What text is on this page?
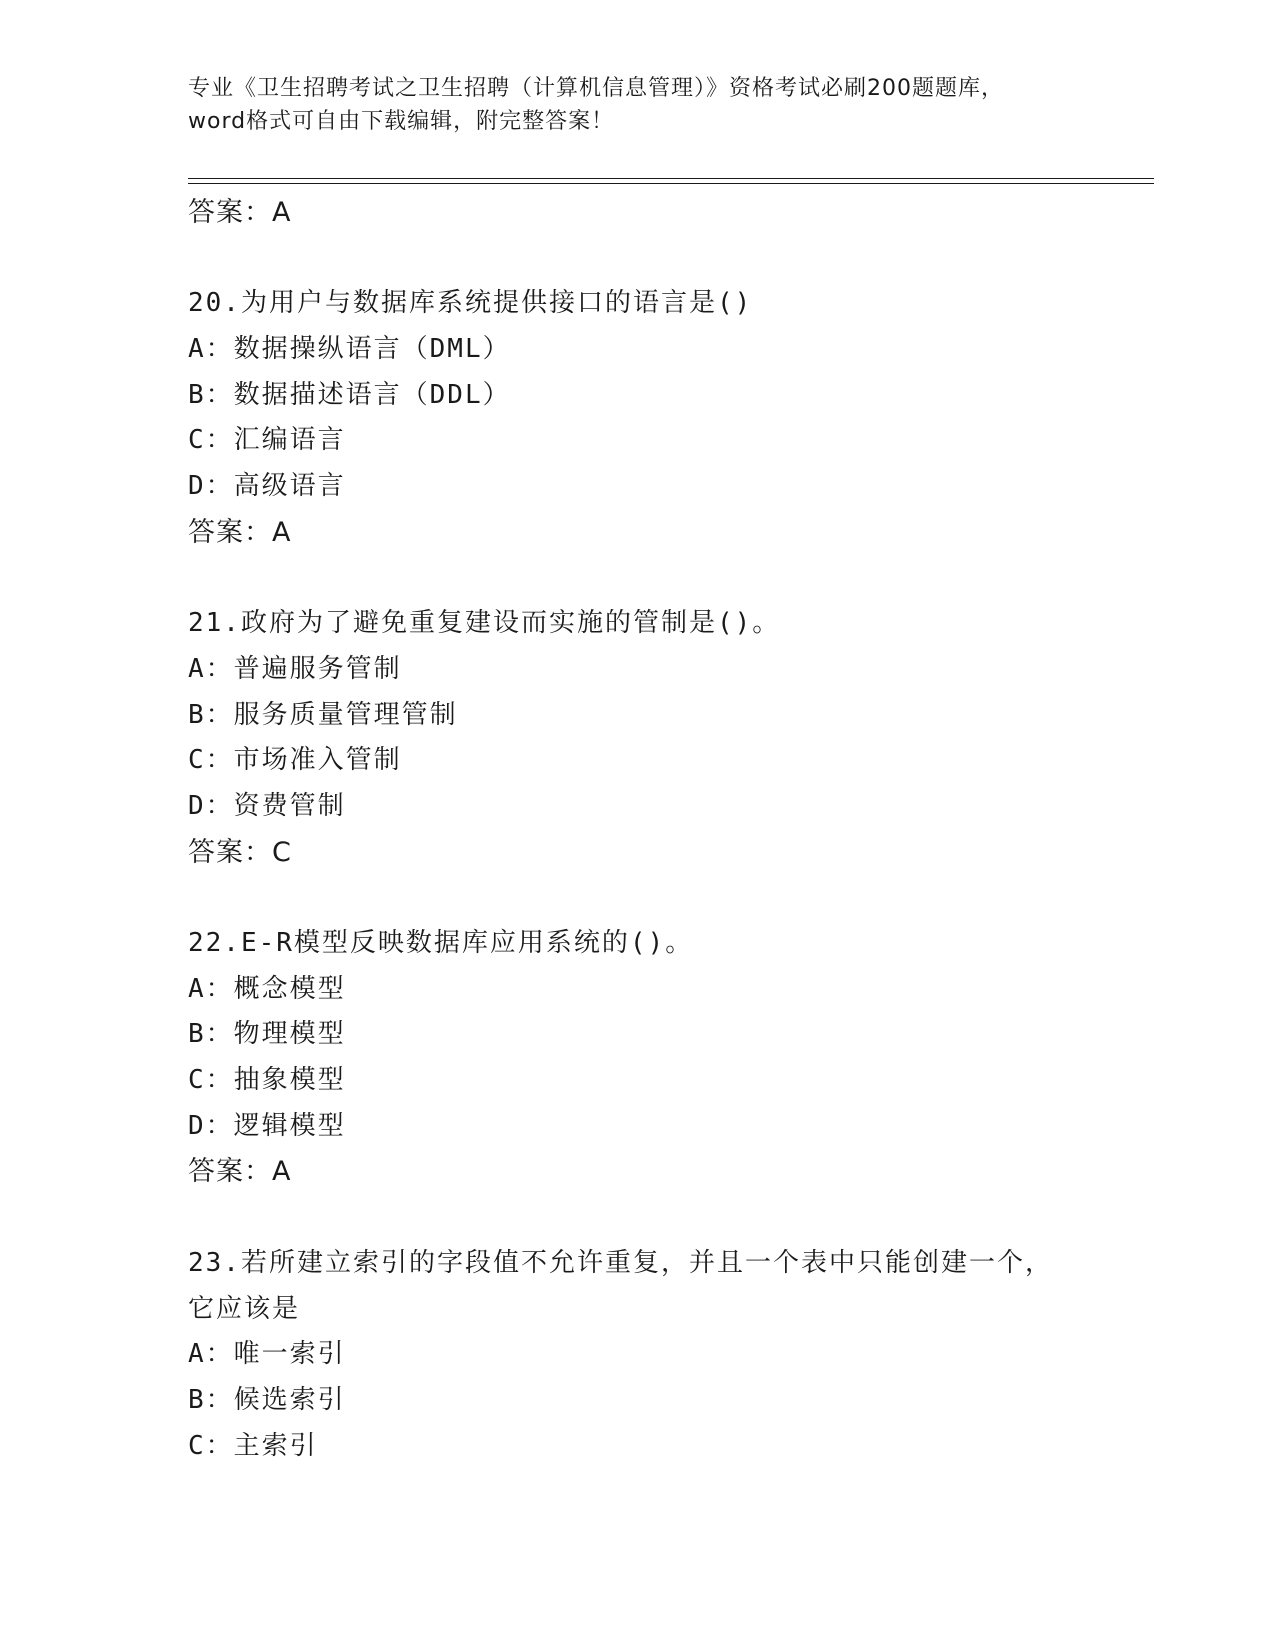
专业《卫生招聘考试之卫生招聘（计算机信息管理）》资格考试必刷200题题库，
word格式可自由下载编辑，附完整答案！
答案：A
20.为用户与数据库系统提供接口的语言是()
A：数据操纵语言（DML）
B：数据描述语言（DDL）
C：汇编语言
D：高级语言
答案：A
21.政府为了避免重复建设而实施的管制是()。
A：普遍服务管制
B：服务质量管理管制
C：市场准入管制
D：资费管制
答案：C
22.E-R模型反映数据库应用系统的()。
A：概念模型
B：物理模型
C：抽象模型
D：逻辑模型
答案：A
23.若所建立索引的字段值不允许重复，并且一个表中只能创建一个，
它应该是
A：唯一索引
B：候选索引
C：主索引
